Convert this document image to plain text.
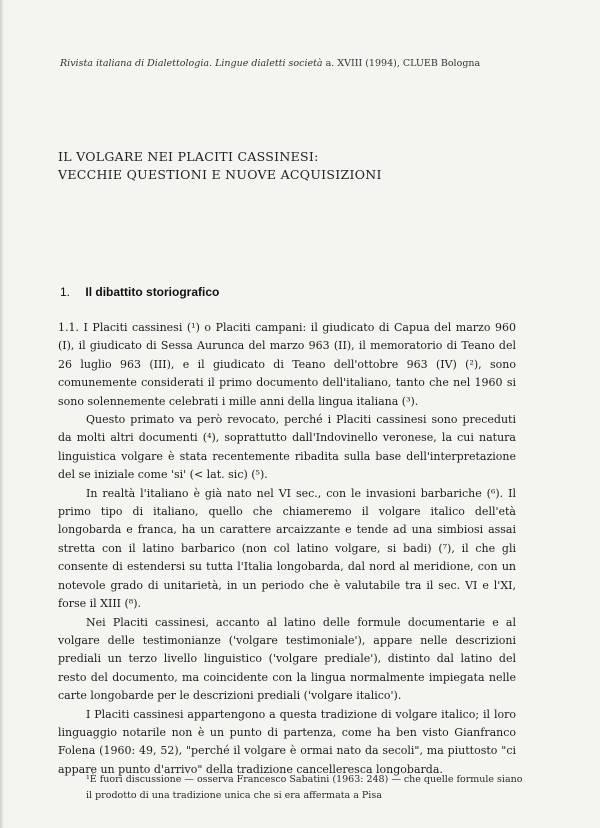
Rivista italiana di Dialettologia. Lingue dialetti società a. XVIII (1994), CLUEB Bologna
IL VOLGARE NEI PLACITI CASSINESI:
VECCHIE QUESTIONI E NUOVE ACQUISIZIONI
1. Il dibattito storiografico

1.1. I Placiti cassinesi (¹) o Placiti campani: il giudicato di Capua del marzo 960 (I), il giudicato di Sessa Aurunca del marzo 963 (II), il memoratorio di Teano del 26 luglio 963 (III), e il giudicato di Teano dell'ottobre 963 (IV) (²), sono comunemente considerati il primo documento dell'italiano, tanto che nel 1960 si sono solennemente celebrati i mille anni della lingua italiana (³).

Questo primato va però revocato, perché i Placiti cassinesi sono preceduti da molti altri documenti (⁴), soprattutto dall'Indovinello veronese, la cui natura linguistica volgare è stata recentemente ribadita sulla base dell'interpretazione del se iniziale come 'si' (< lat. sic) (⁵).

In realtà l'italiano è già nato nel VI sec., con le invasioni barbariche (⁶). Il primo tipo di italiano, quello che chiameremo il volgare italico dell'età longobarda e franca, ha un carattere arcaizzante e tende ad una simbiosi assai stretta con il latino barbarico (non col latino volgare, si badi) (⁷), il che gli consente di estendersi su tutta l'Italia longobarda, dal nord al meridione, con un notevole grado di unitarietà, in un periodo che è valutabile tra il sec. VI e l'XI, forse il XIII (⁸).

Nei Placiti cassinesi, accanto al latino delle formule documentarie e al volgare delle testimonianze ('volgare testimoniale'), appare nelle descrizioni prediali un terzo livello linguistico ('volgare prediale'), distinto dal latino del resto del documento, ma coincidente con la lingua normalmente impiegata nelle carte longobarde per le descrizioni prediali ('volgare italico').

I Placiti cassinesi appartengono a questa tradizione di volgare italico; il loro linguaggio notarile non è un punto di partenza, come ha ben visto Gianfranco Folena (1960: 49, 52), "perché il volgare è ormai nato da secoli", ma piuttosto "ci appare un punto d'arrivo" della tradizione cancelleresca longobarda.

¹È fuori discussione — osserva Francesco Sabatini (1963: 248) — che quelle formule siano il prodotto di una tradizione unica che si era affermata a Pisa
